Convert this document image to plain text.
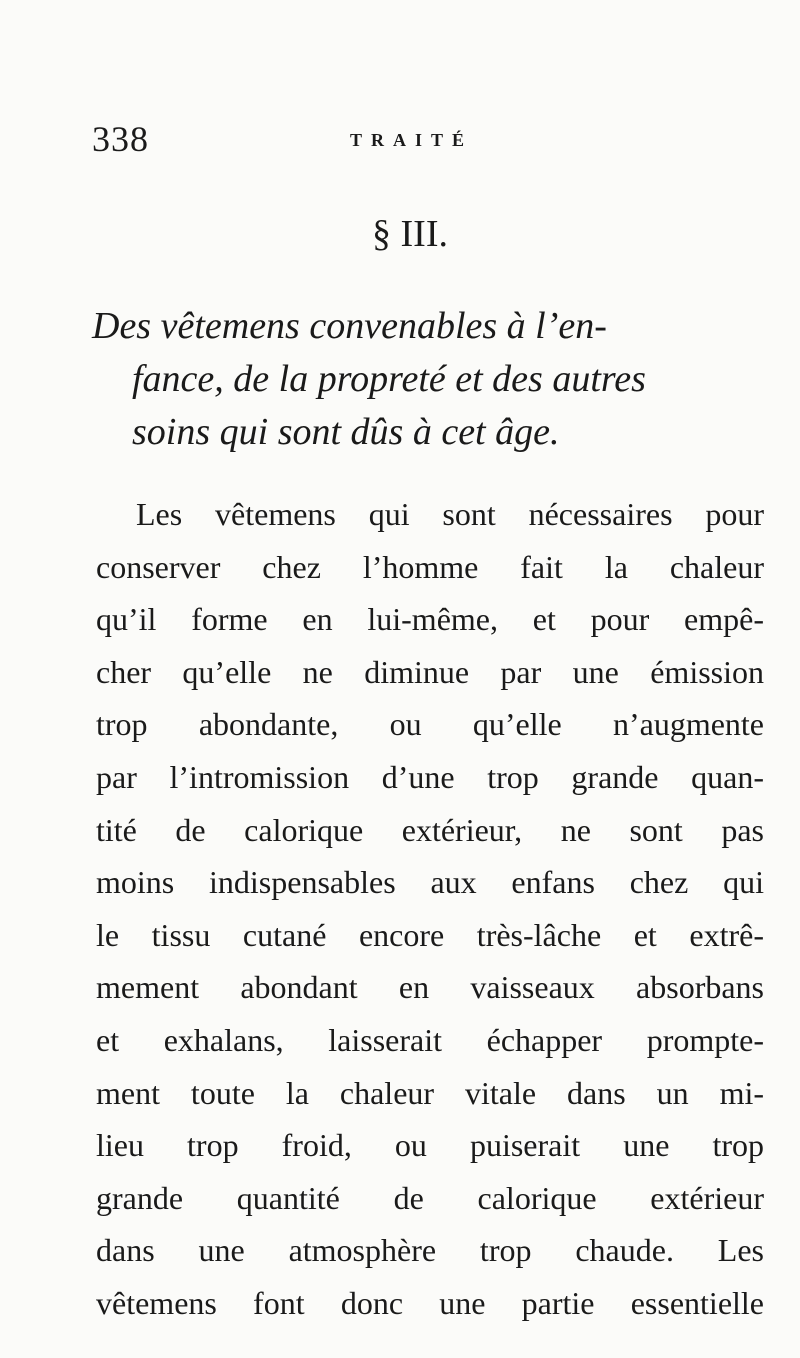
338	TRAITÉ
§ III.
Des vêtemens convenables à l’en-
fance, de la propreté et des autres
soins qui sont dûs à cet âge.
Les vêtemens qui sont nécessaires pour
conserver chez l’homme fait la chaleur
qu’il forme en lui-même, et pour empê-
cher qu’elle ne diminue par une émission
trop abondante, ou qu’elle n’augmente
par l’intromission d’une trop grande quan-
tité de calorique extérieur, ne sont pas
moins indispensables aux enfans chez qui
le tissu cutané encore très-lâche et extrê-
mement abondant en vaisseaux absorbans
et exhalans, laisserait échapper prompte-
ment toute la chaleur vitale dans un mi-
lieu trop froid, ou puiserait une trop
grande quantité de calorique extérieur
dans une atmosphère trop chaude. Les
vêtemens font donc une partie essentielle
